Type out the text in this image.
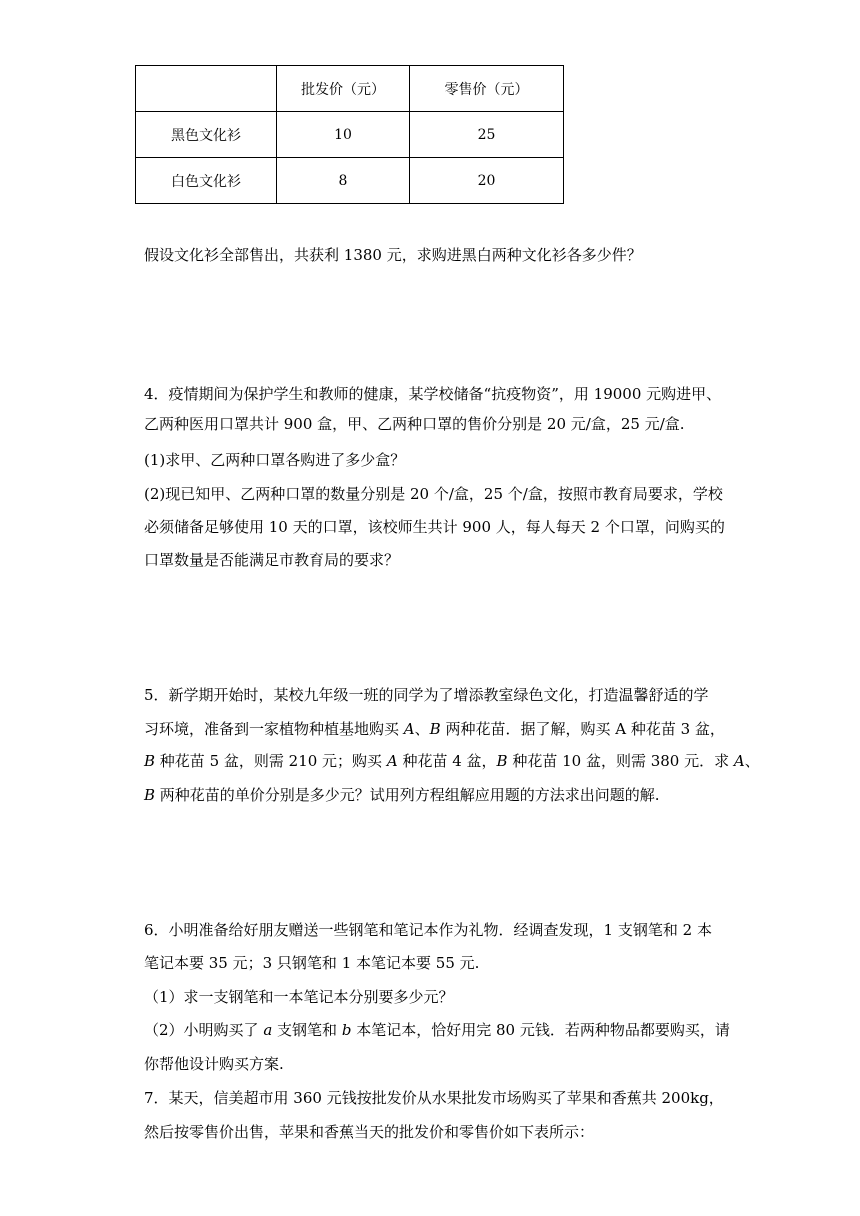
	批发价（元）	零售价（元）
黑色文化衫	10	25
白色文化衫	8	20
假设文化衫全部售出，共获利 1380 元，求购进黑白两种文化衫各多少件？
4．疫情期间为保护学生和教师的健康，某学校储备“抗疫物资”，用 19000 元购进甲、
乙两种医用口罩共计 900 盒，甲、乙两种口罩的售价分别是 20 元/盒，25 元/盒.
(1)求甲、乙两种口罩各购进了多少盒？
(2)现已知甲、乙两种口罩的数量分别是 20 个/盒，25 个/盒，按照市教育局要求，学校
必须储备足够使用 10 天的口罩，该校师生共计 900 人，每人每天 2 个口罩，问购买的
口罩数量是否能满足市教育局的要求？
5．新学期开始时，某校九年级一班的同学为了增添教室绿色文化，打造温馨舒适的学
习环境，准备到一家植物种植基地购买 A、B 两种花苗．据了解，购买 A 种花苗 3 盆，
B 种花苗 5 盆，则需 210 元；购买 A 种花苗 4 盆，B 种花苗 10 盆，则需 380 元．求 A、
B 两种花苗的单价分别是多少元？试用列方程组解应用题的方法求出问题的解.
6．小明准备给好朋友赠送一些钢笔和笔记本作为礼物．经调查发现，1 支钢笔和 2 本
笔记本要 35 元；3 只钢笔和 1 本笔记本要 55 元.
（1）求一支钢笔和一本笔记本分别要多少元？
（2）小明购买了 a 支钢笔和 b 本笔记本，恰好用完 80 元钱．若两种物品都要购买，请
你帮他设计购买方案.
7．某天，信美超市用 360 元钱按批发价从水果批发市场购买了苹果和香蕉共 200kg，
然后按零售价出售，苹果和香蕉当天的批发价和零售价如下表所示：
